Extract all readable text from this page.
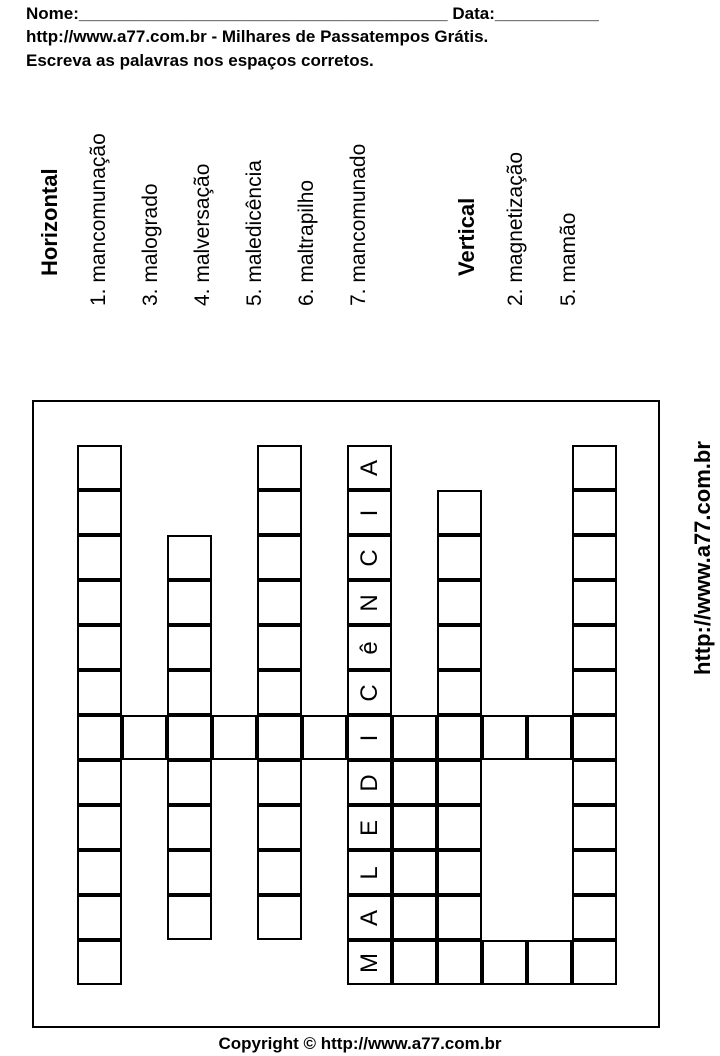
Nome:_______________________________________ Data:___________
http://www.a77.com.br - Milhares de Passatempos Grátis.
Escreva as palavras nos espaços corretos.
Horizontal 1. mancomunação 3. malogrado 4. malversação 5. maledicência 6. maltrapilho 7. mancomunado	Vertical 2. magnetização 5. mamão
http://www.a77.com.br
A
I
C
N
ê
C
I
D
E
L
A
M
Copyright © http://www.a77.com.br
